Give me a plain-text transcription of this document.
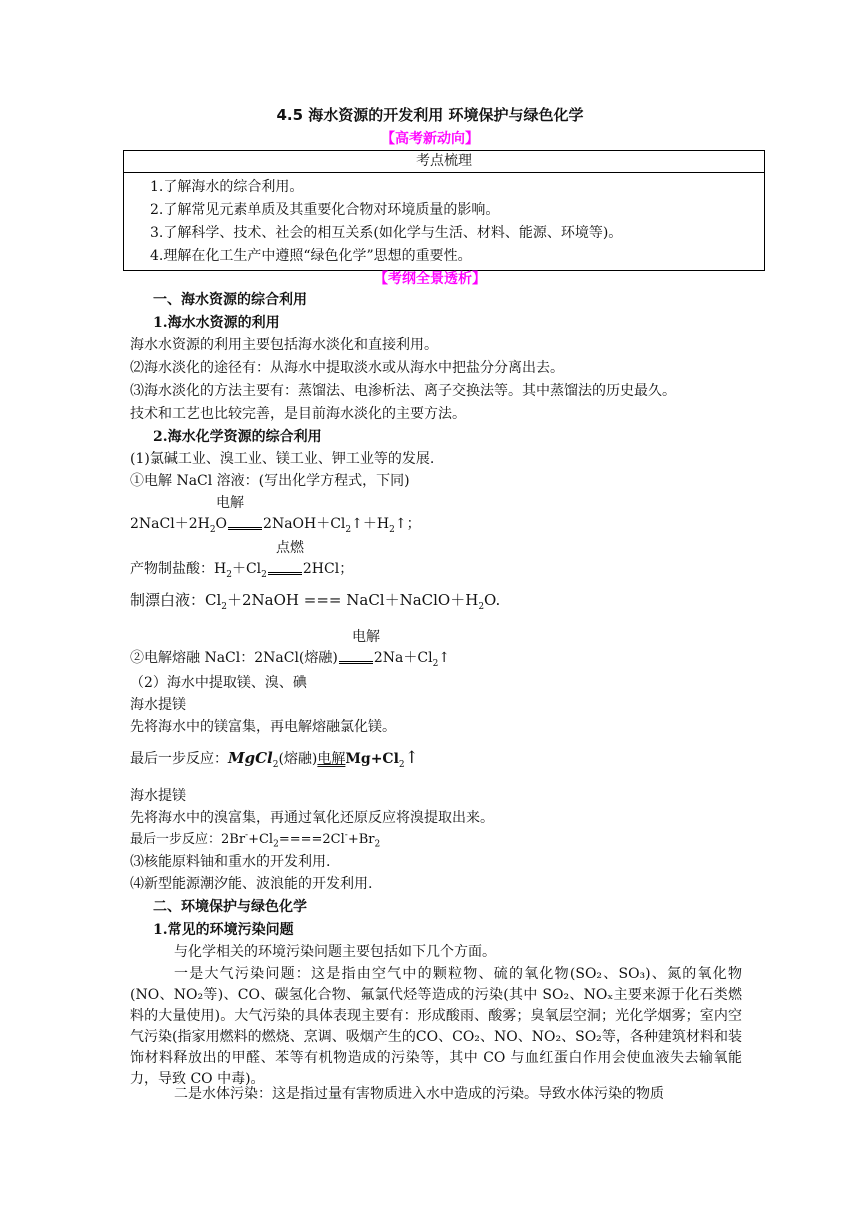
4.5 海水资源的开发利用 环境保护与绿色化学
【高考新动向】
考点梳理

1.了解海水的综合利用。
2.了解常见元素单质及其重要化合物对环境质量的影响。
3.了解科学、技术、社会的相互关系(如化学与生活、材料、能源、环境等)。
4.理解在化工生产中遵照“绿色化学”思想的重要性。
【考纲全景透析】
一、海水资源的综合利用
1.海水水资源的利用
海水水资源的利用主要包括海水淡化和直接利用。
⑵海水淡化的途径有：从海水中提取淡水或从海水中把盐分分离出去。
⑶海水淡化的方法主要有：蒸馏法、电渗析法、离子交换法等。其中蒸馏法的历史最久。
技术和工艺也比较完善，是目前海水淡化的主要方法。
2.海水化学资源的综合利用
(1)氯碱工业、溴工业、镁工业、钾工业等的发展.
①电解 NaCl 溶液：(写出化学方程式，下同)
电解
$2NaCl+2H_2O$	$2NaOH+Cl_2↑+H_2↑$；
点燃
产物制盐酸：$H_2+Cl_2$	2HCl；
制漂白液：$Cl_2+2NaOH$ === $NaCl+NaClO+H_2O$.
电解
②电解熔融 NaCl：2NaCl(熔融)	$2Na+Cl_2↑$
（2）海水中提取镁、溴、碘
海水提镁
先将海水中的镁富集，再电解熔融氯化镁。
最后一步反应：MgCl$_2$(熔融)电解$Mg+Cl_2↑$
海水提镁
先将海水中的溴富集，再通过氧化还原反应将溴提取出来。
最后一步反应：$2Br^-+Cl_2====2Cl^-+Br_2$
⑶核能原料铀和重水的开发利用.
⑷新型能源潮汐能、波浪能的开发利用.
二、环境保护与绿色化学
1.常见的环境污染问题
与化学相关的环境污染问题主要包括如下几个方面。
一是大气污染问题：这是指由空气中的颗粒物、硫的氧化物(SO₂、SO₃)、氮的氧化物(NO、NO₂等)、CO、碳氢化合物、氟氯代烃等造成的污染(其中 SO₂、NOₓ主要来源于化石类燃料的大量使用)。大气污染的具体表现主要有：形成酸雨、酸雾；臭氧层空洞；光化学烟雾；室内空气污染(指家用燃料的燃烧、烹调、吸烟产生的CO、CO₂、NO、NO₂、SO₂等，各种建筑材料和装饰材料释放出的甲醛、苯等有机物造成的污染等，其中 CO 与血红蛋白作用会使血液失去输氧能力，导致 CO 中毒)。
二是水体污染：这是指过量有害物质进入水中造成的污染。导致水体污染的物质
